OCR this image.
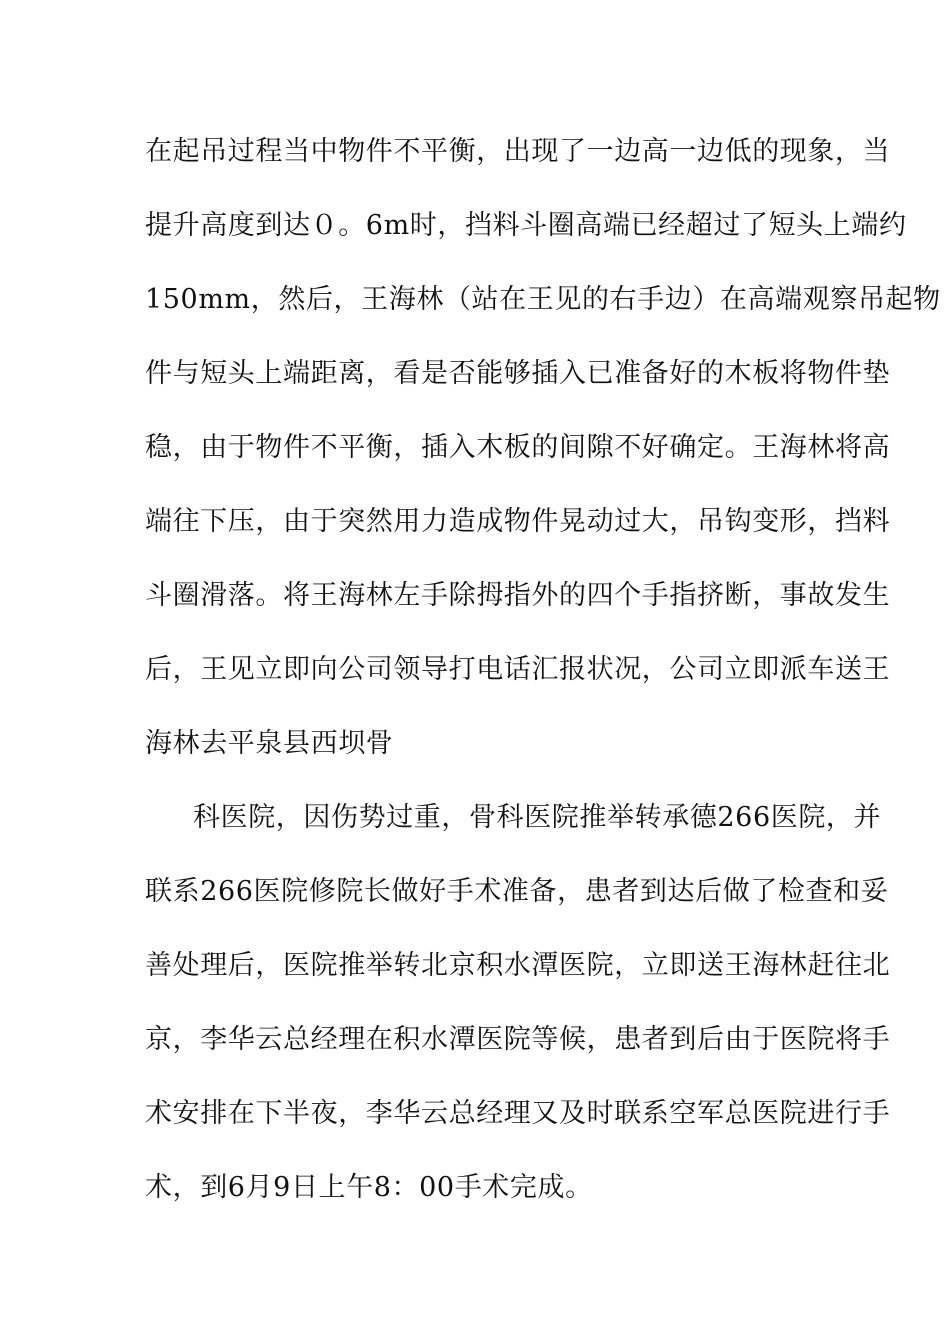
在起吊过程当中物件不平衡，出现了一边高一边低的现象，当
提升高度到达０。6m时，挡料斗圈高端已经超过了短头上端约
150mm，然后，王海林（站在王见的右手边）在高端观察吊起物
件与短头上端距离，看是否能够插入已准备好的木板将物件垫
稳，由于物件不平衡，插入木板的间隙不好确定。王海林将高
端往下压，由于突然用力造成物件晃动过大，吊钩变形，挡料
斗圈滑落。将王海林左手除拇指外的四个手指挤断，事故发生
后，王见立即向公司领导打电话汇报状况，公司立即派车送王
海林去平泉县西坝骨
科医院，因伤势过重，骨科医院推举转承德266医院，并
联系266医院修院长做好手术准备，患者到达后做了检查和妥
善处理后，医院推举转北京积水潭医院，立即送王海林赶往北
京，李华云总经理在积水潭医院等候，患者到后由于医院将手
术安排在下半夜，李华云总经理又及时联系空军总医院进行手
术，到6月9日上午8：00手术完成。
